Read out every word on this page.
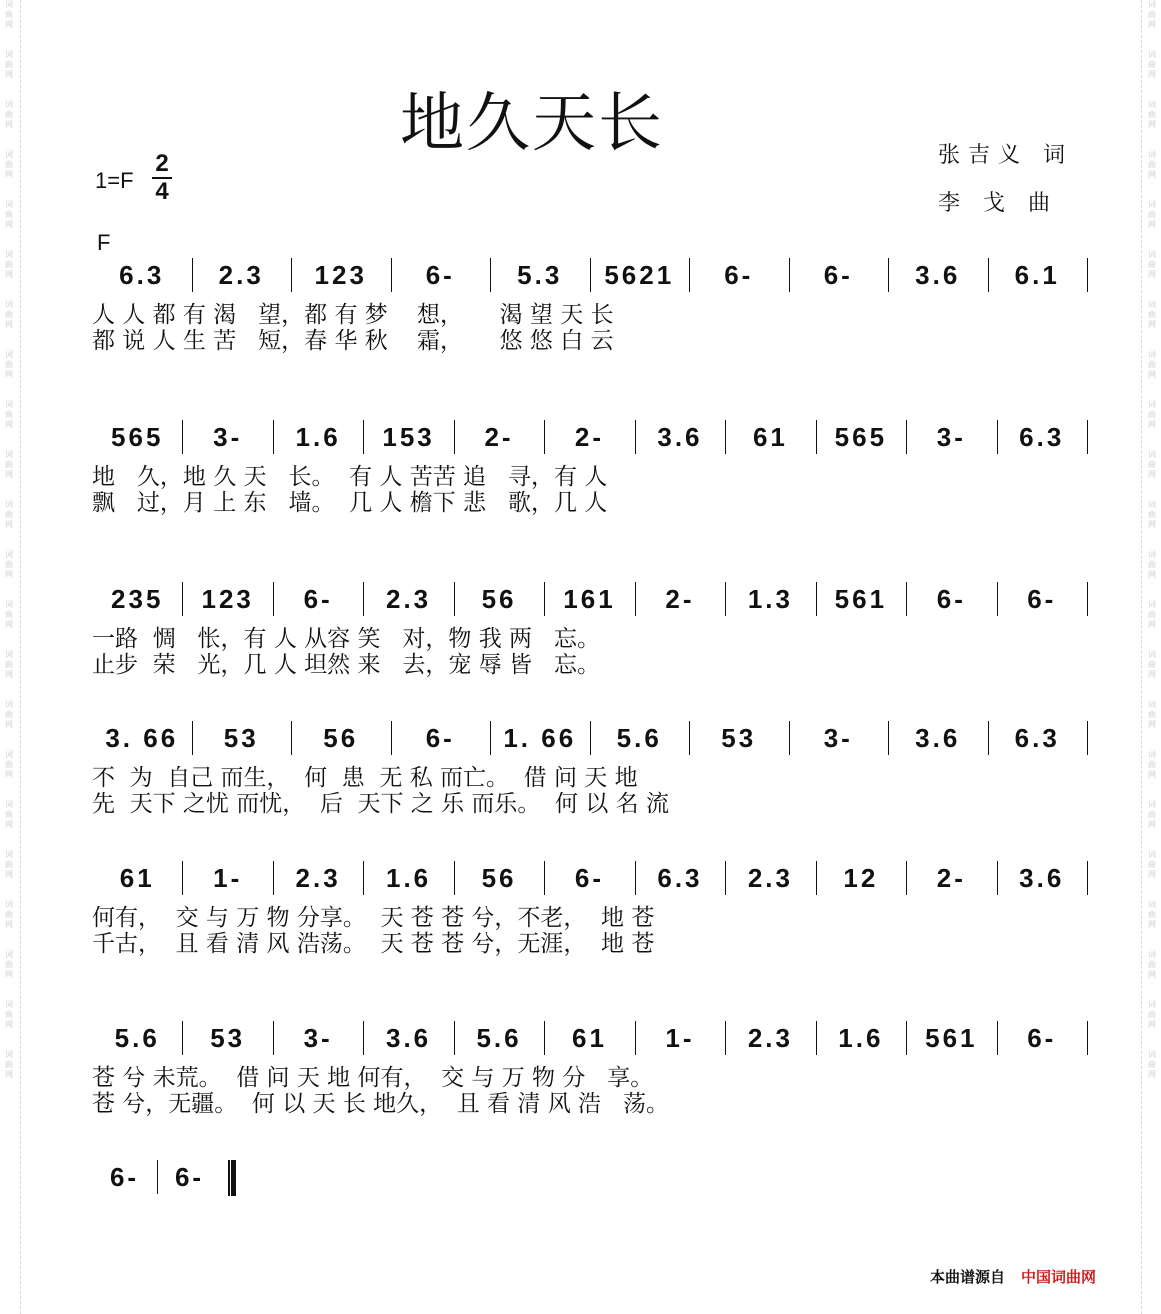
词
曲
网

词
曲
网

词
曲
网

词
曲
网

词
曲
网

词
曲
网

词
曲
网

词
曲
网

词
曲
网

词
曲
网

词
曲
网

词
曲
网

词
曲
网

词
曲
网

词
曲
网

词
曲
网

词
曲
网

词
曲
网

词
曲
网

词
曲
网

词
曲
网

词
曲
网

词
曲
网

词
曲
网

词
曲
网

词
曲
网

词
曲
网

词
曲
网

词
曲
网

词
曲
网

词
曲
网

词
曲
网

词
曲
网

词
曲
网

词
曲
网

词
曲
网

词
曲
网

词
曲
网

词
曲
网

词
曲
网

词
曲
网

词
曲
网

词
曲
网

词
曲
网

地久天长
1=F
2
4
张吉义 词
李 戈 曲
F
6.3	2.3	123	6-	5.3	5621	6-	6-	3.6	6.1
人 人 都 有 渴   望，都 有 梦    想，     渴 望 天 长
都 说 人 生 苦   短，春 华 秋    霜，     悠 悠 白 云
565	3-	1.6	153	2-	2-	3.6	61	565	3-	6.3
地   久，地 久 天   长。  有 人 苦苦 追   寻，有 人
飘   过，月 上 东   墙。  几 人 檐下 悲   歌，几 人
235	123	6-	2.3	56	161	2-	1.3	561	6-	6-
一路  惆   怅，有 人 从容 笑   对，物 我 两   忘。
止步  荣   光，几 人 坦然 来   去，宠 辱 皆   忘。
3. 66	53	56	6-	1. 66	5.6	53	3-	3.6	6.3
不  为  自己 而生，  何  患  无 私 而亡。  借 问 天 地
先  天下 之忧 而忧，  后  天下 之 乐 而乐。  何 以 名 流
61	1-	2.3	1.6	56	6-	6.3	2.3	12	2-	3.6
何有，  交 与 万 物 分享。  天 苍 苍 兮，不老，  地 苍
千古，  且 看 清 风 浩荡。  天 苍 苍 兮，无涯，  地 苍
5.6	53	3-	3.6	5.6	61	1-	2.3	1.6	561	6-
苍 兮 未荒。  借 问 天 地 何有，  交 与 万 物 分   享。
苍 兮，无疆。  何 以 天 长 地久，  且 看 清 风 浩   荡。
6-	6-
本曲谱源自 中国词曲网
